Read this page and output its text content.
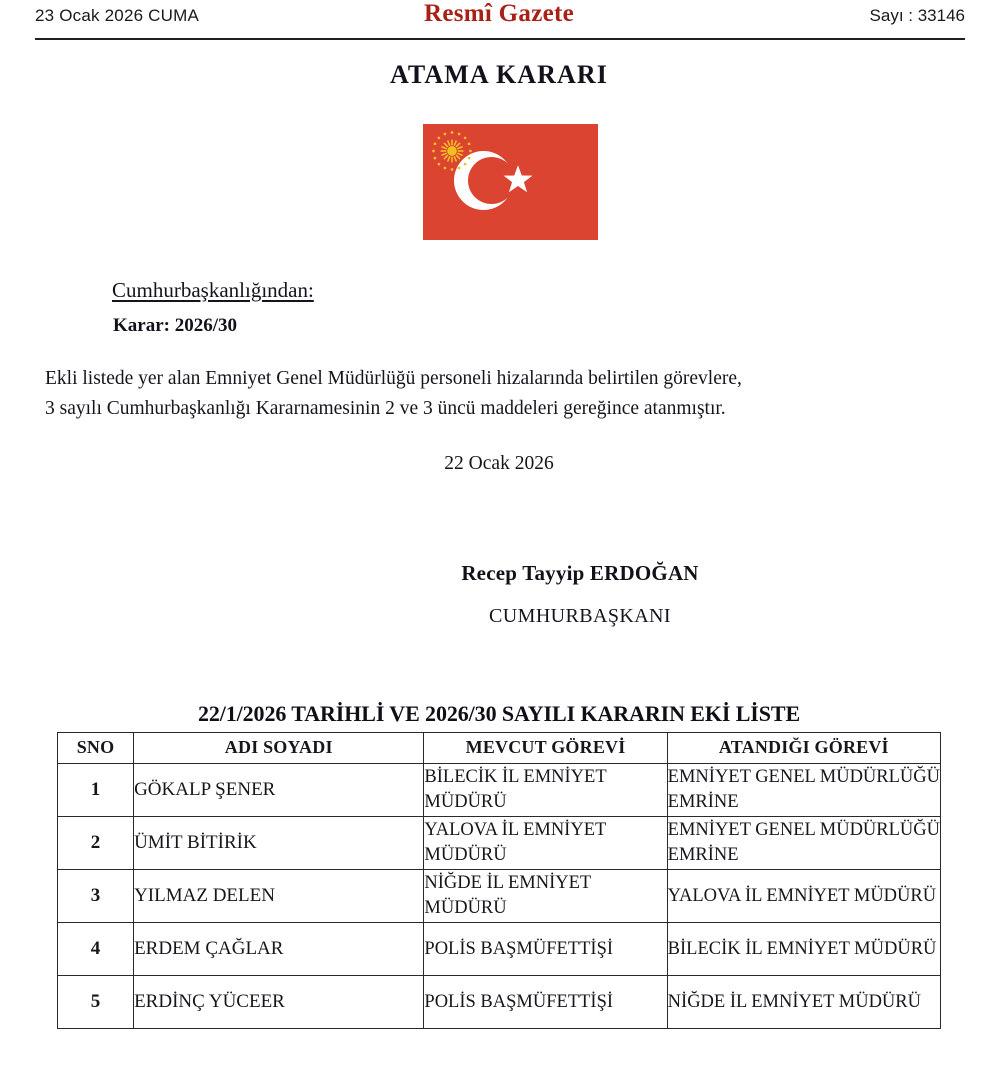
23 Ocak 2026 CUMA	Resmî Gazete	Sayı : 33146
ATAMA KARARI
Cumhurbaşkanlığından:
Karar: 2026/30
Ekli listede yer alan Emniyet Genel Müdürlüğü personeli hizalarında belirtilen görevlere,
3 sayılı Cumhurbaşkanlığı Kararnamesinin 2 ve 3 üncü maddeleri gereğince atanmıştır.
22 Ocak 2026
Recep Tayyip ERDOĞAN
CUMHURBAŞKANI
22/1/2026 TARİHLİ VE 2026/30 SAYILI KARARIN EKİ LİSTE
SNO	ADI SOYADI	MEVCUT GÖREVİ	ATANDIĞI GÖREVİ
1	GÖKALP ŞENER	BİLECİK İL EMNİYET MÜDÜRÜ	EMNİYET GENEL MÜDÜRLÜĞÜ EMRİNE
2	ÜMİT BİTİRİK	YALOVA İL EMNİYET MÜDÜRÜ	EMNİYET GENEL MÜDÜRLÜĞÜ EMRİNE
3	YILMAZ DELEN	NİĞDE İL EMNİYET MÜDÜRÜ	YALOVA İL EMNİYET MÜDÜRÜ
4	ERDEM ÇAĞLAR	POLİS BAŞMÜFETTİŞİ	BİLECİK İL EMNİYET MÜDÜRÜ
5	ERDİNÇ YÜCEER	POLİS BAŞMÜFETTİŞİ	NİĞDE İL EMNİYET MÜDÜRÜ
